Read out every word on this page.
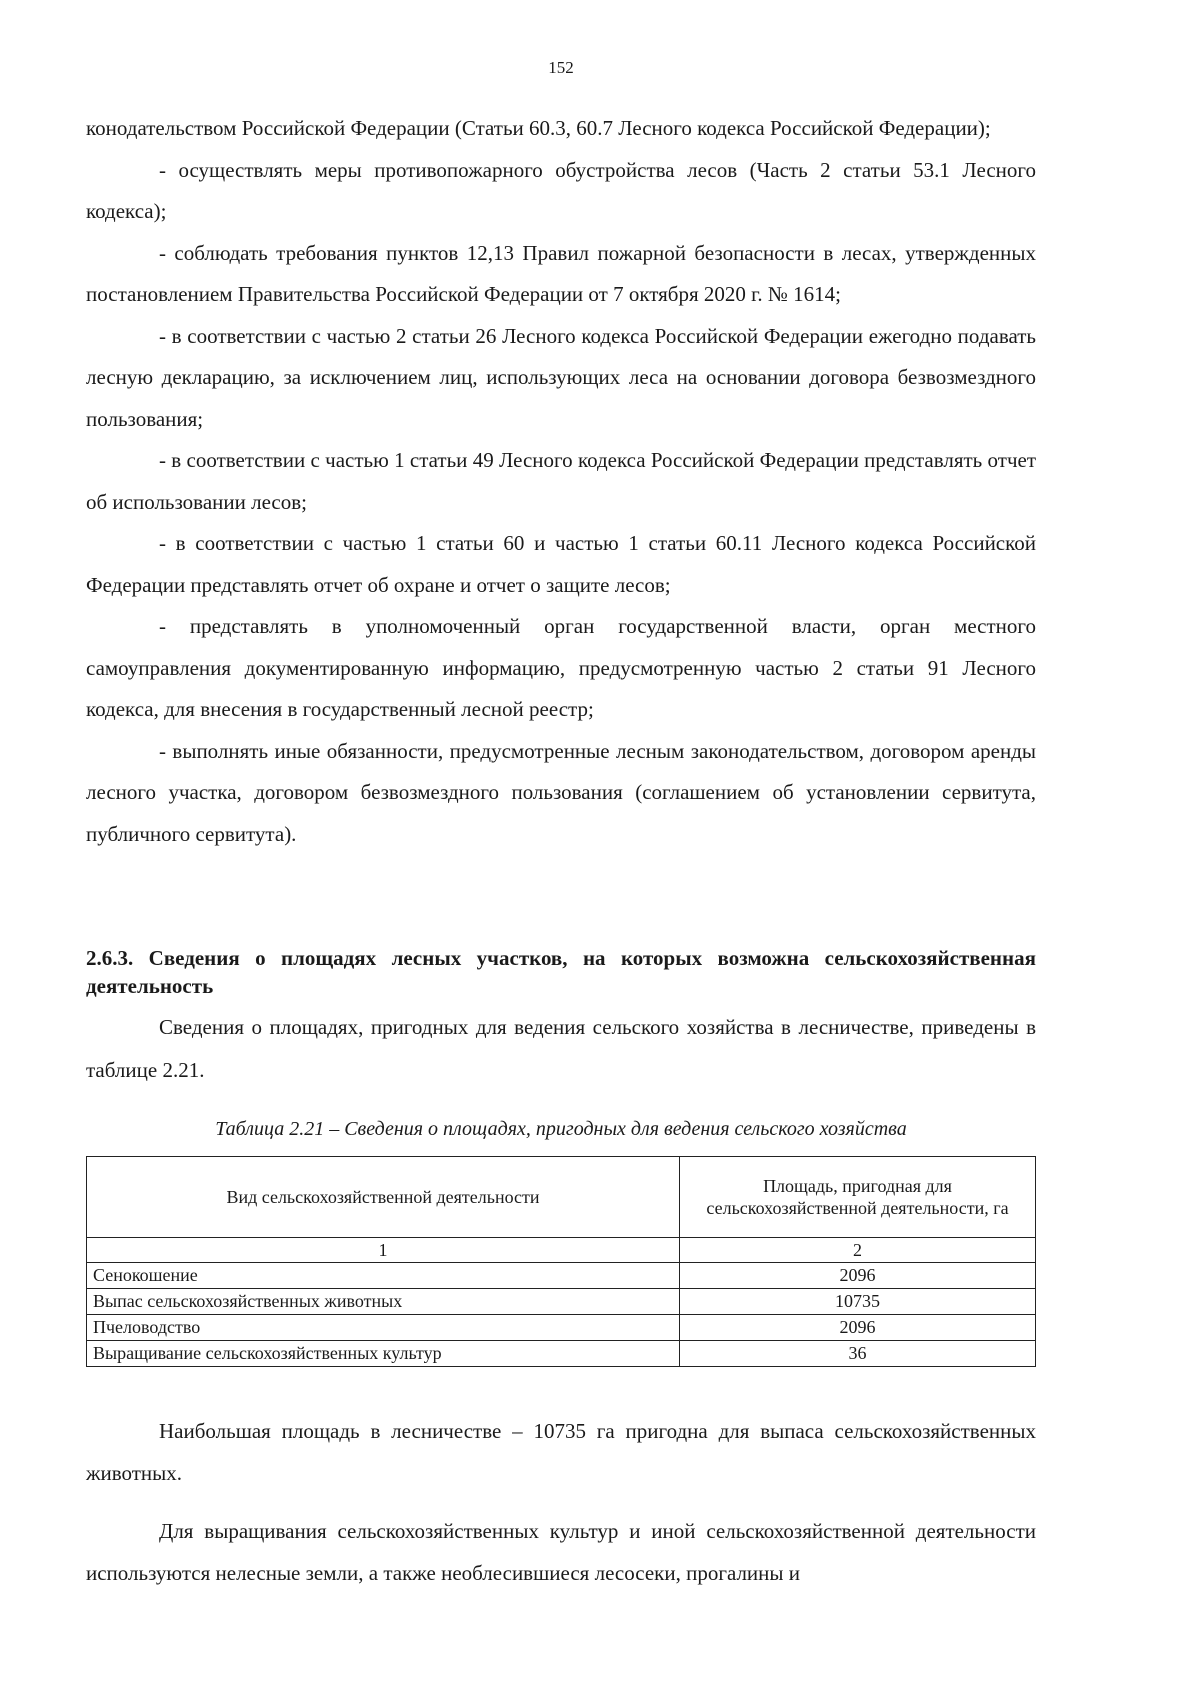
152

конодательством Российской Федерации (Статьи 60.3, 60.7 Лесного кодекса Российской Федерации);

- осуществлять меры противопожарного обустройства лесов (Часть 2 статьи 53.1 Лесного кодекса);

- соблюдать требования пунктов 12,13 Правил пожарной безопасности в лесах, утвержденных постановлением Правительства Российской Федерации от 7 октября 2020 г. № 1614;

- в соответствии с частью 2 статьи 26 Лесного кодекса Российской Федерации ежегодно подавать лесную декларацию, за исключением лиц, использующих леса на основании договора безвозмездного пользования;

- в соответствии с частью 1 статьи 49 Лесного кодекса Российской Федерации представлять отчет об использовании лесов;

- в соответствии с частью 1 статьи 60 и частью 1 статьи 60.11 Лесного кодекса Российской Федерации представлять отчет об охране и отчет о защите лесов;

- представлять в уполномоченный орган государственной власти, орган местного самоуправления документированную информацию, предусмотренную частью 2 статьи 91 Лесного кодекса, для внесения в государственный лесной реестр;

- выполнять иные обязанности, предусмотренные лесным законодательством, договором аренды лесного участка, договором безвозмездного пользования (соглашением об установлении сервитута, публичного сервитута).

2.6.3. Сведения о площадях лесных участков, на которых возможна сельскохозяйственная деятельность

Сведения о площадях, пригодных для ведения сельского хозяйства в лесничестве, приведены в таблице 2.21.

Таблица 2.21 – Сведения о площадях, пригодных для ведения сельского хозяйства
Вид сельскохозяйственной деятельности	Площадь, пригодная для сельскохозяйственной деятельности, га
1	2
Сенокошение	2096
Выпас сельскохозяйственных животных	10735
Пчеловодство	2096
Выращивание сельскохозяйственных культур	36

Наибольшая площадь в лесничестве – 10735 га пригодна для выпаса сельскохозяйственных животных.

Для выращивания сельскохозяйственных культур и иной сельскохозяйственной деятельности используются нелесные земли, а также необлесившиеся лесосеки, прогалины и
